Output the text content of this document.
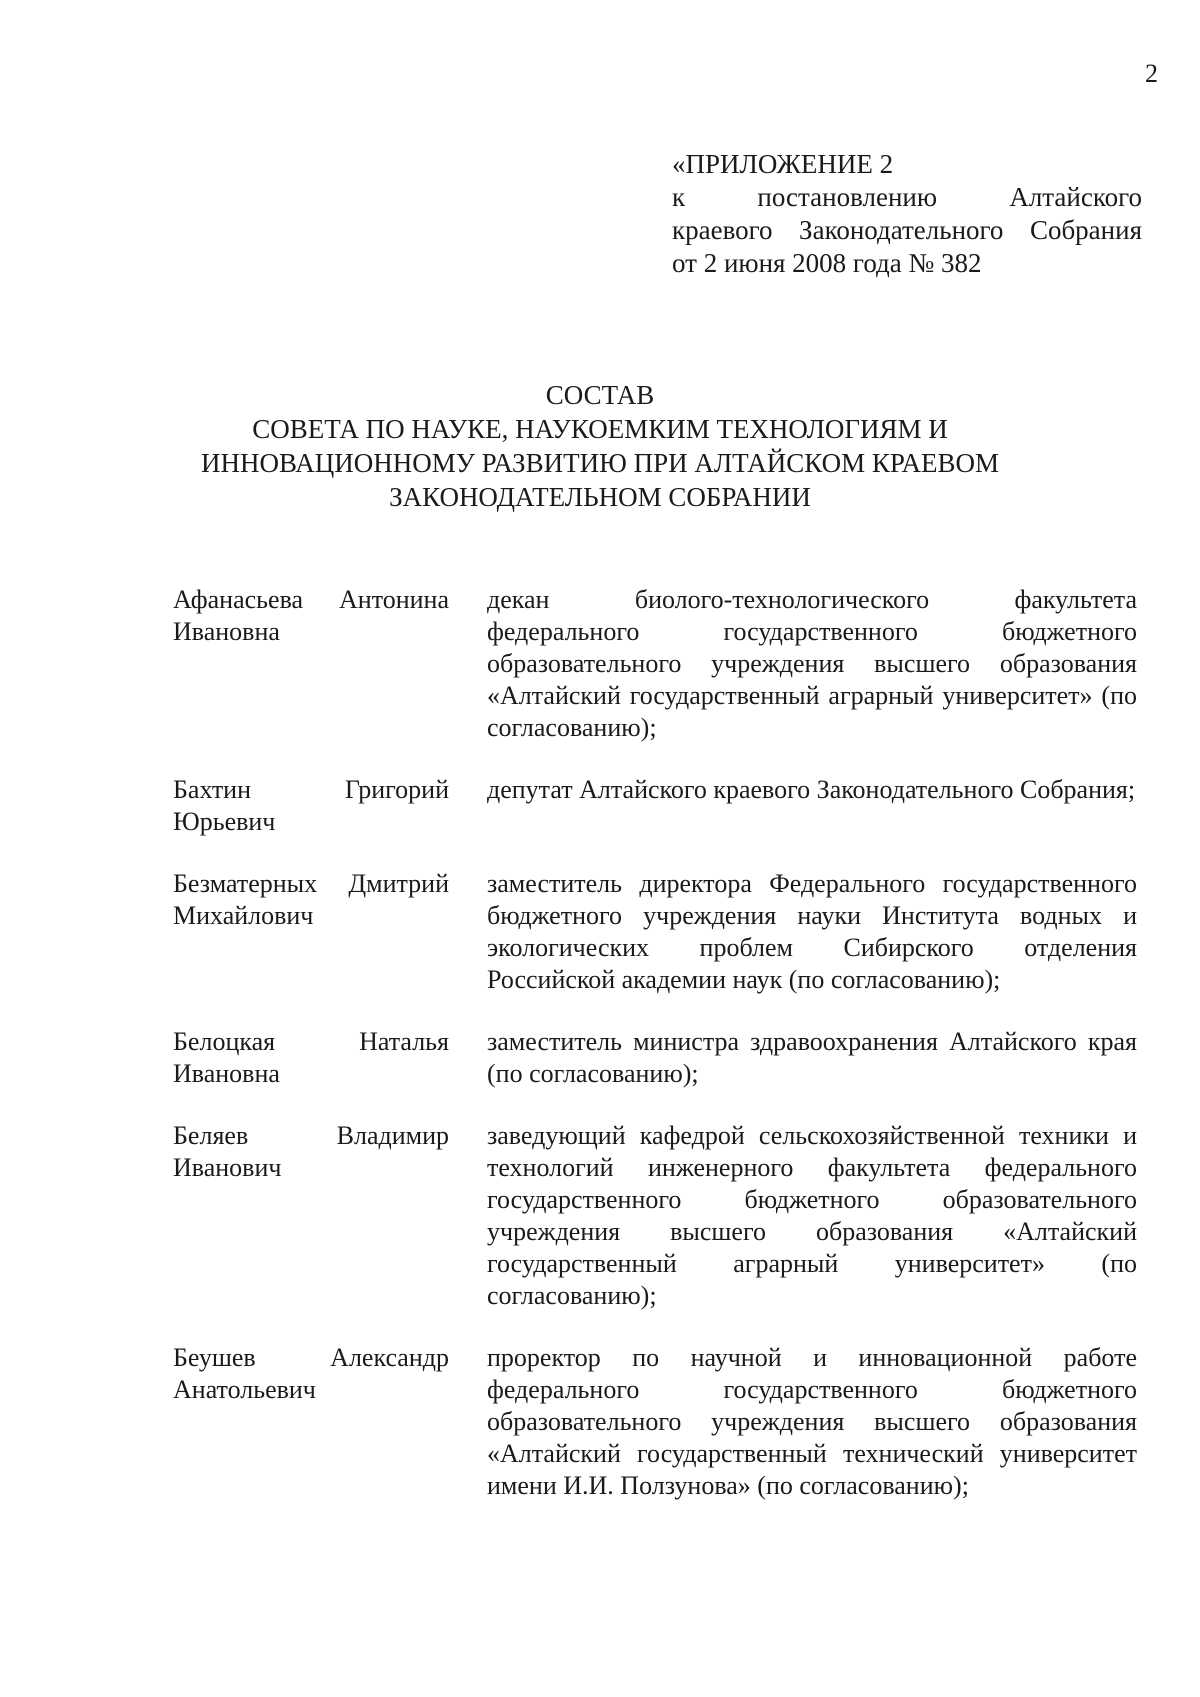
2
«ПРИЛОЖЕНИЕ 2
к постановлению Алтайского
краевого Законодательного Собрания
от 2 июня 2008 года № 382
СОСТАВ
СОВЕТА ПО НАУКЕ, НАУКОЕМКИМ ТЕХНОЛОГИЯМ И
ИННОВАЦИОННОМУ РАЗВИТИЮ ПРИ АЛТАЙСКОМ КРАЕВОМ
ЗАКОНОДАТЕЛЬНОМ СОБРАНИИ
Афанасьева Антонина
Ивановна
декан биолого-технологического факультета федерального государственного бюджетного образовательного учреждения высшего образования «Алтайский государственный аграрный университет» (по согласованию);
Бахтин Григорий
Юрьевич
депутат Алтайского краевого Законодательного Собрания;
Безматерных Дмитрий
Михайлович
заместитель директора Федерального государственного бюджетного учреждения науки Института водных и экологических проблем Сибирского отделения Российской академии наук (по согласованию);
Белоцкая Наталья
Ивановна
заместитель министра здравоохранения Алтайского края (по согласованию);
Беляев Владимир
Иванович
заведующий кафедрой сельскохозяйственной техники и технологий инженерного факультета федерального государственного бюджетного образовательного учреждения высшего образования «Алтайский государственный аграрный университет» (по согласованию);
Беушев Александр
Анатольевич
проректор по научной и инновационной работе федерального государственного бюджетного образовательного учреждения высшего образования «Алтайский государственный технический университет имени И.И. Ползунова» (по согласованию);
